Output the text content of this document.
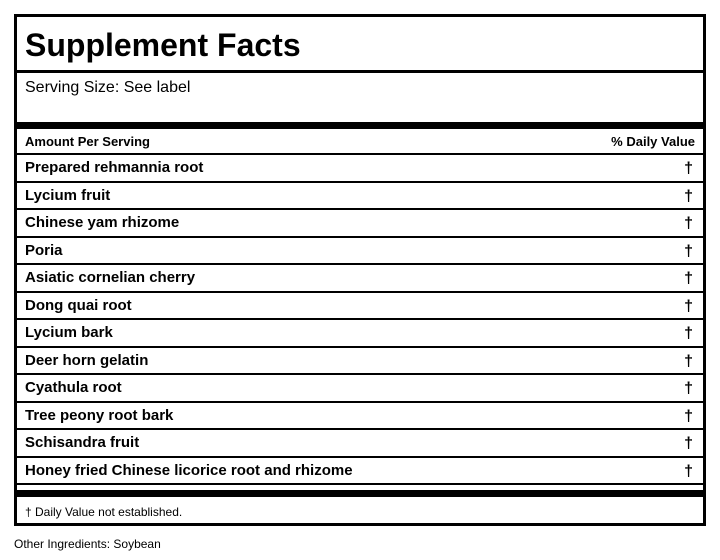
Supplement Facts
Serving Size: See label
Amount Per Serving	% Daily Value
Prepared rehmannia root	†
Lycium fruit	†
Chinese yam rhizome	†
Poria	†
Asiatic cornelian cherry	†
Dong quai root	†
Lycium bark	†
Deer horn gelatin	†
Cyathula root	†
Tree peony root bark	†
Schisandra fruit	†
Honey fried Chinese licorice root and rhizome	†
† Daily Value not established.
Other Ingredients: Soybean
